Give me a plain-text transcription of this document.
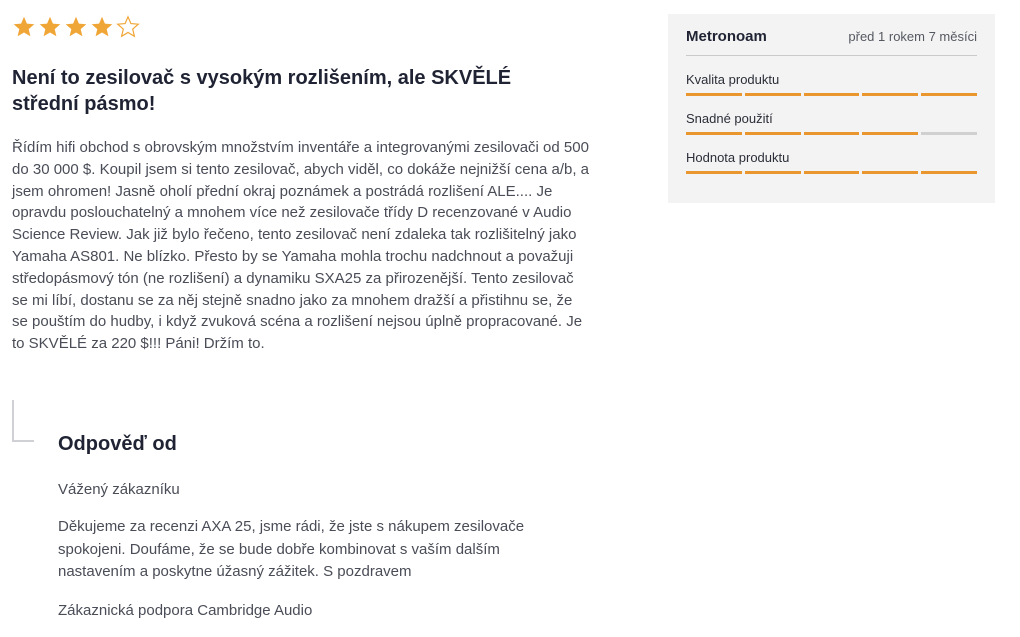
Není to zesilovač s vysokým rozlišením, ale SKVĚLÉ střední pásmo!

Řídím hifi obchod s obrovským množstvím inventáře a integrovanými zesilovači od 500 do 30 000 $. Koupil jsem si tento zesilovač, abych viděl, co dokáže nejnižší cena a/b, a jsem ohromen! Jasně oholí přední okraj poznámek a postrádá rozlišení ALE.... Je opravdu poslouchatelný a mnohem více než zesilovače třídy D recenzované v Audio Science Review. Jak již bylo řečeno, tento zesilovač není zdaleka tak rozlišitelný jako Yamaha AS801. Ne blízko. Přesto by se Yamaha mohla trochu nadchnout a považuji středopásmový tón (ne rozlišení) a dynamiku SXA25 za přirozenější. Tento zesilovač se mi líbí, dostanu se za něj stejně snadno jako za mnohem dražší a přistihnu se, že se pouštím do hudby, i když zvuková scéna a rozlišení nejsou úplně propracované. Je to SKVĚLÉ za 220 $!!! Páni! Držím to.

Odpověď od

Vážený zákazníku

Děkujeme za recenzi AXA 25, jsme rádi, že jste s nákupem zesilovače spokojeni. Doufáme, že se bude dobře kombinovat s vaším dalším nastavením a poskytne úžasný zážitek. S pozdravem

Zákaznická podpora Cambridge Audio

Metronoam	před 1 rokem 7 měsíci
Kvalita produktu
Snadné použití
Hodnota produktu
